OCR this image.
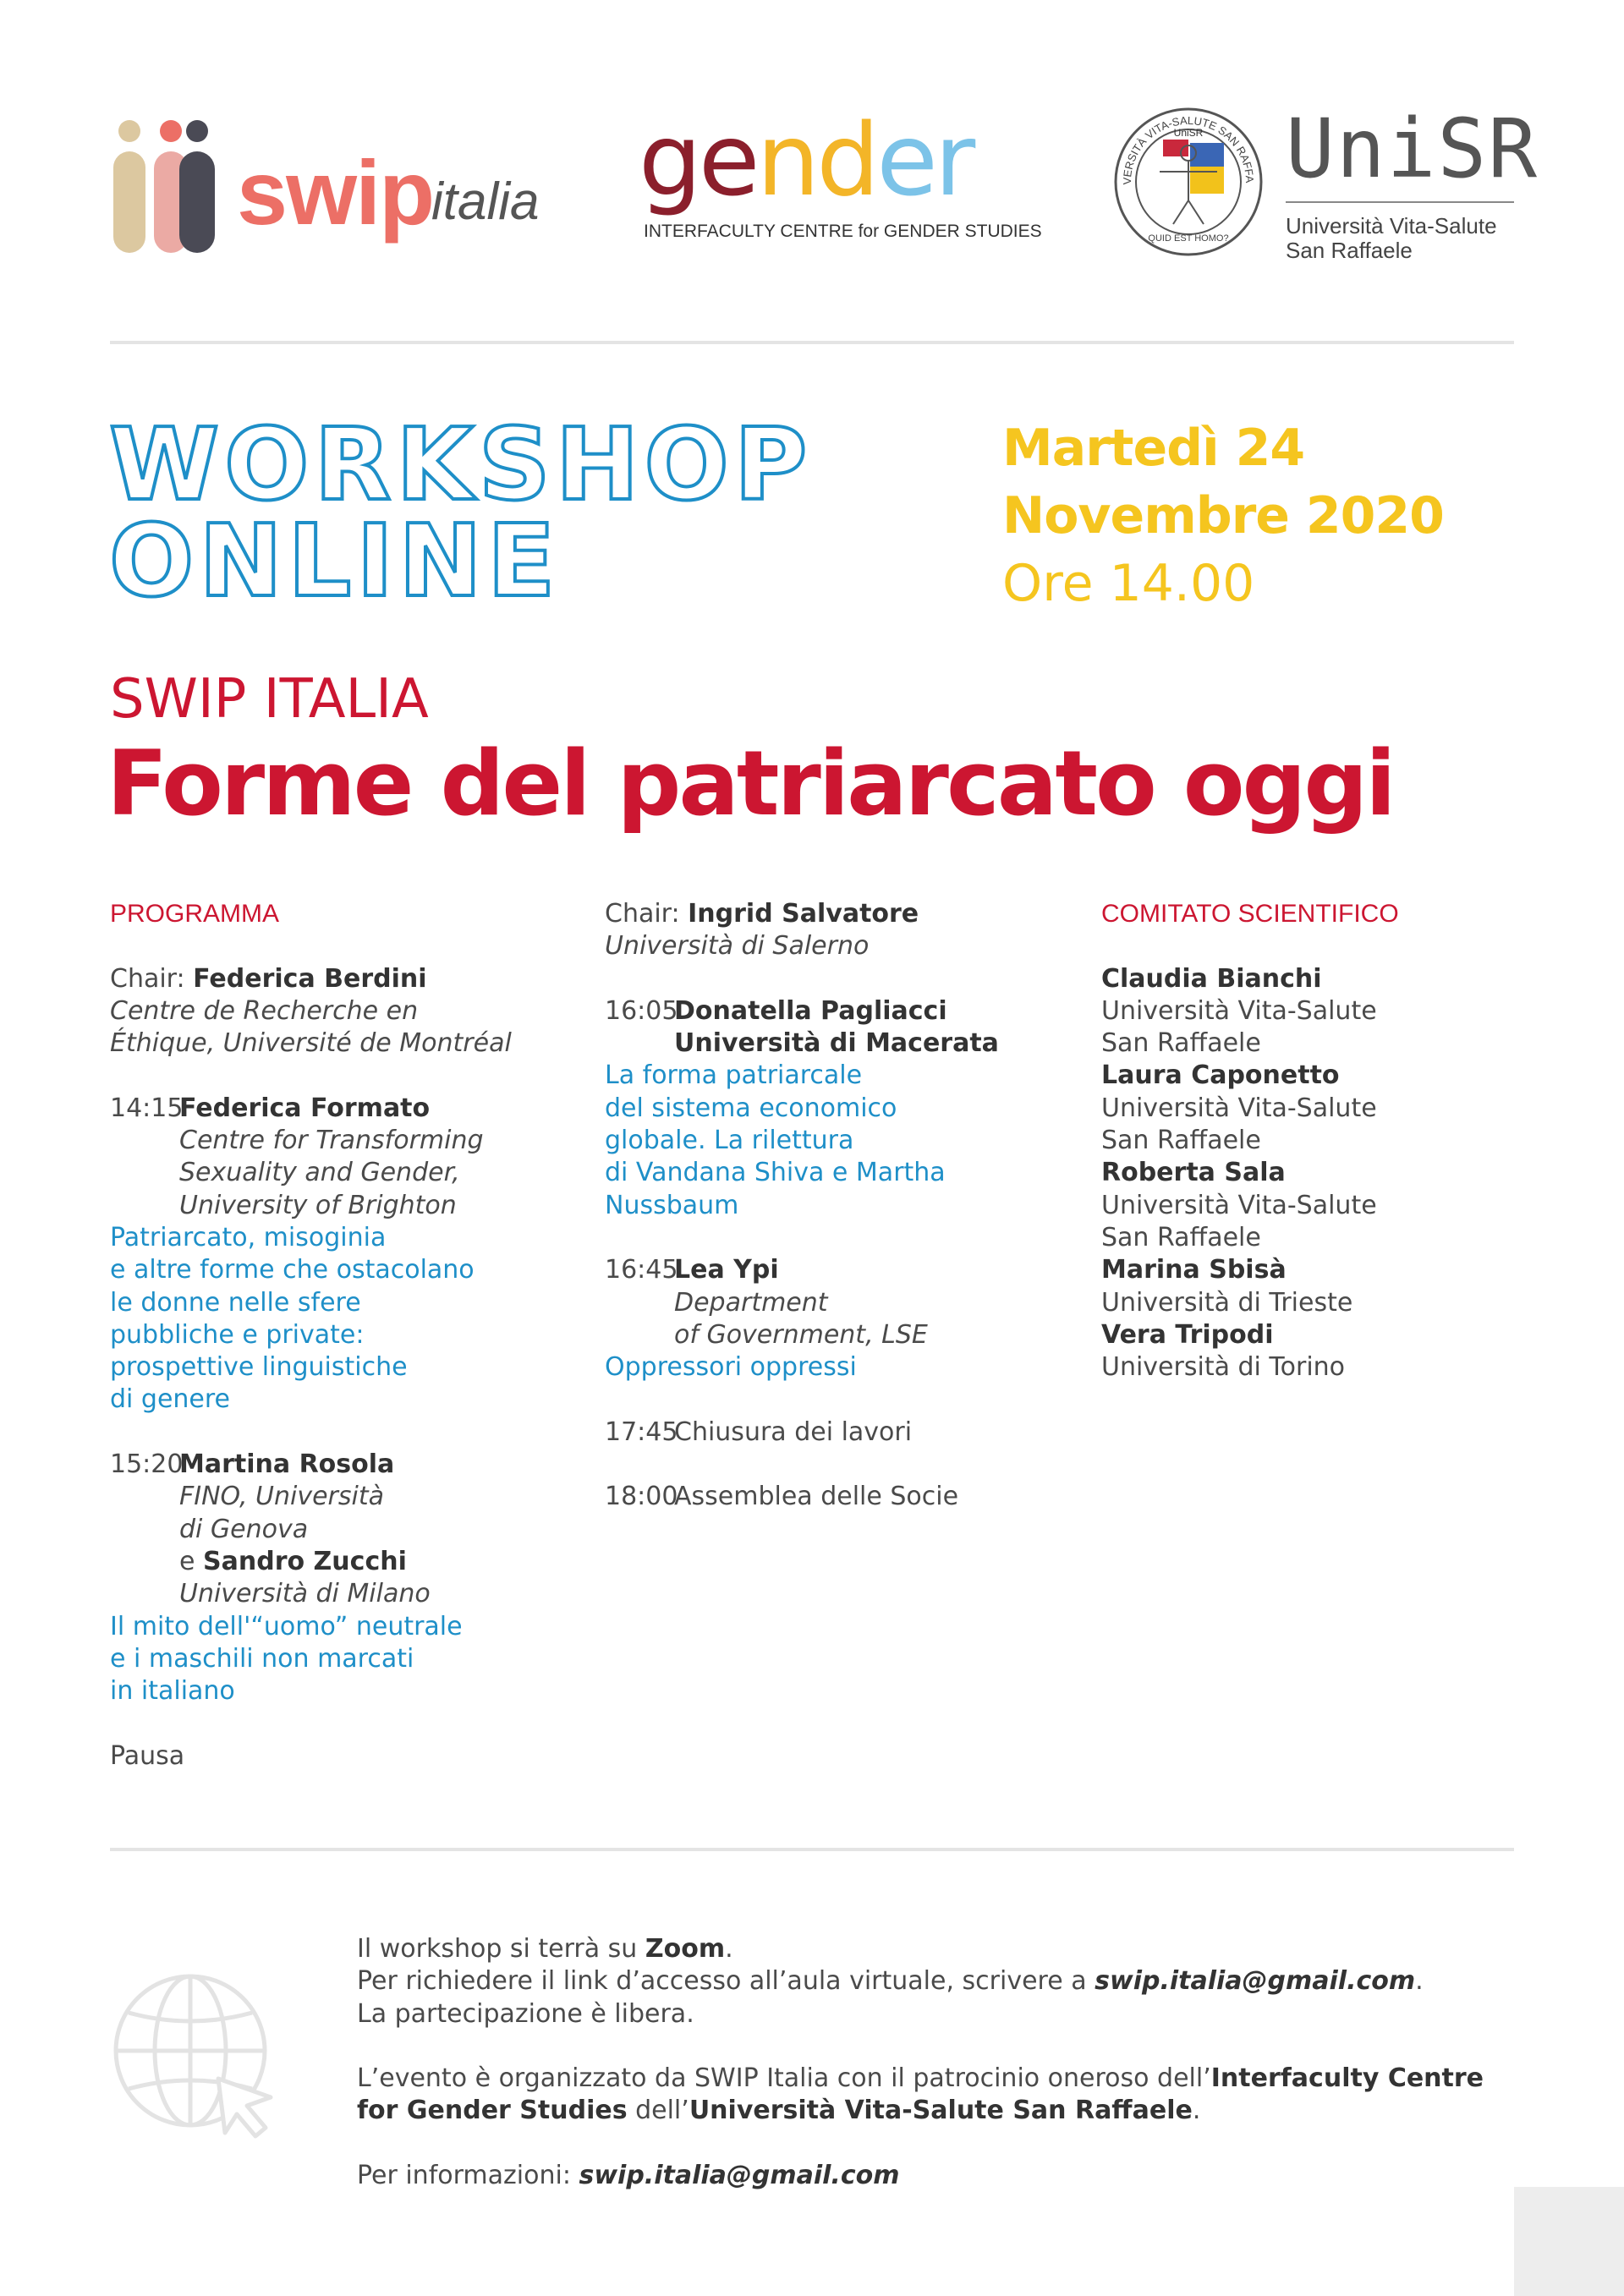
swip
italia gender
INTERFACULTY CENTRE for GENDER STUDIES
VERSITÀ VITA-SALUTE SAN RAFFA
UniSR
QUID EST HOMO?
UniSR
Università Vita-Salute
San Raffaele
WORKSHOP
ONLINE
Martedì 24
Novembre 2020
Ore 14.00
SWIP ITALIA
Forme del patriarcato oggi
PROGRAMMA
Chair: Federica Berdini
Centre de Recherche en
Éthique, Université de Montréal
14:15
Federica Formato
Centre for Transforming
Sexuality and Gender,
University of Brighton
Patriarcato, misoginia
e altre forme che ostacolano
le donne nelle sfere
pubbliche e private:
prospettive linguistiche
di genere
15:20
Martina Rosola
FINO, Università
di Genova
e Sandro Zucchi
Università di Milano
Il mito dell'“uomo” neutrale
e i maschili non marcati
in italiano
Pausa
Chair: Ingrid Salvatore
Università di Salerno
16:05
Donatella Pagliacci
Università di Macerata
La forma patriarcale
del sistema economico
globale. La rilettura
di Vandana Shiva e Martha
Nussbaum
16:45
Lea Ypi
Department
of Government, LSE
Oppressori oppressi
17:45
Chiusura dei lavori
18:00
Assemblea delle Socie
COMITATO SCIENTIFICO
Claudia Bianchi
Università Vita-Salute
San Raffaele
Laura Caponetto
Università Vita-Salute
San Raffaele
Roberta Sala
Università Vita-Salute
San Raffaele
Marina Sbisà
Università di Trieste
Vera Tripodi
Università di Torino
Il workshop si terrà su Zoom.
Per richiedere il link d’accesso all’aula virtuale, scrivere a swip.italia@gmail.com.
La partecipazione è libera.
L’evento è organizzato da SWIP Italia con il patrocinio oneroso dell’Interfaculty Centre
for Gender Studies dell’Università Vita-Salute San Raffaele.
Per informazioni: swip.italia@gmail.com
